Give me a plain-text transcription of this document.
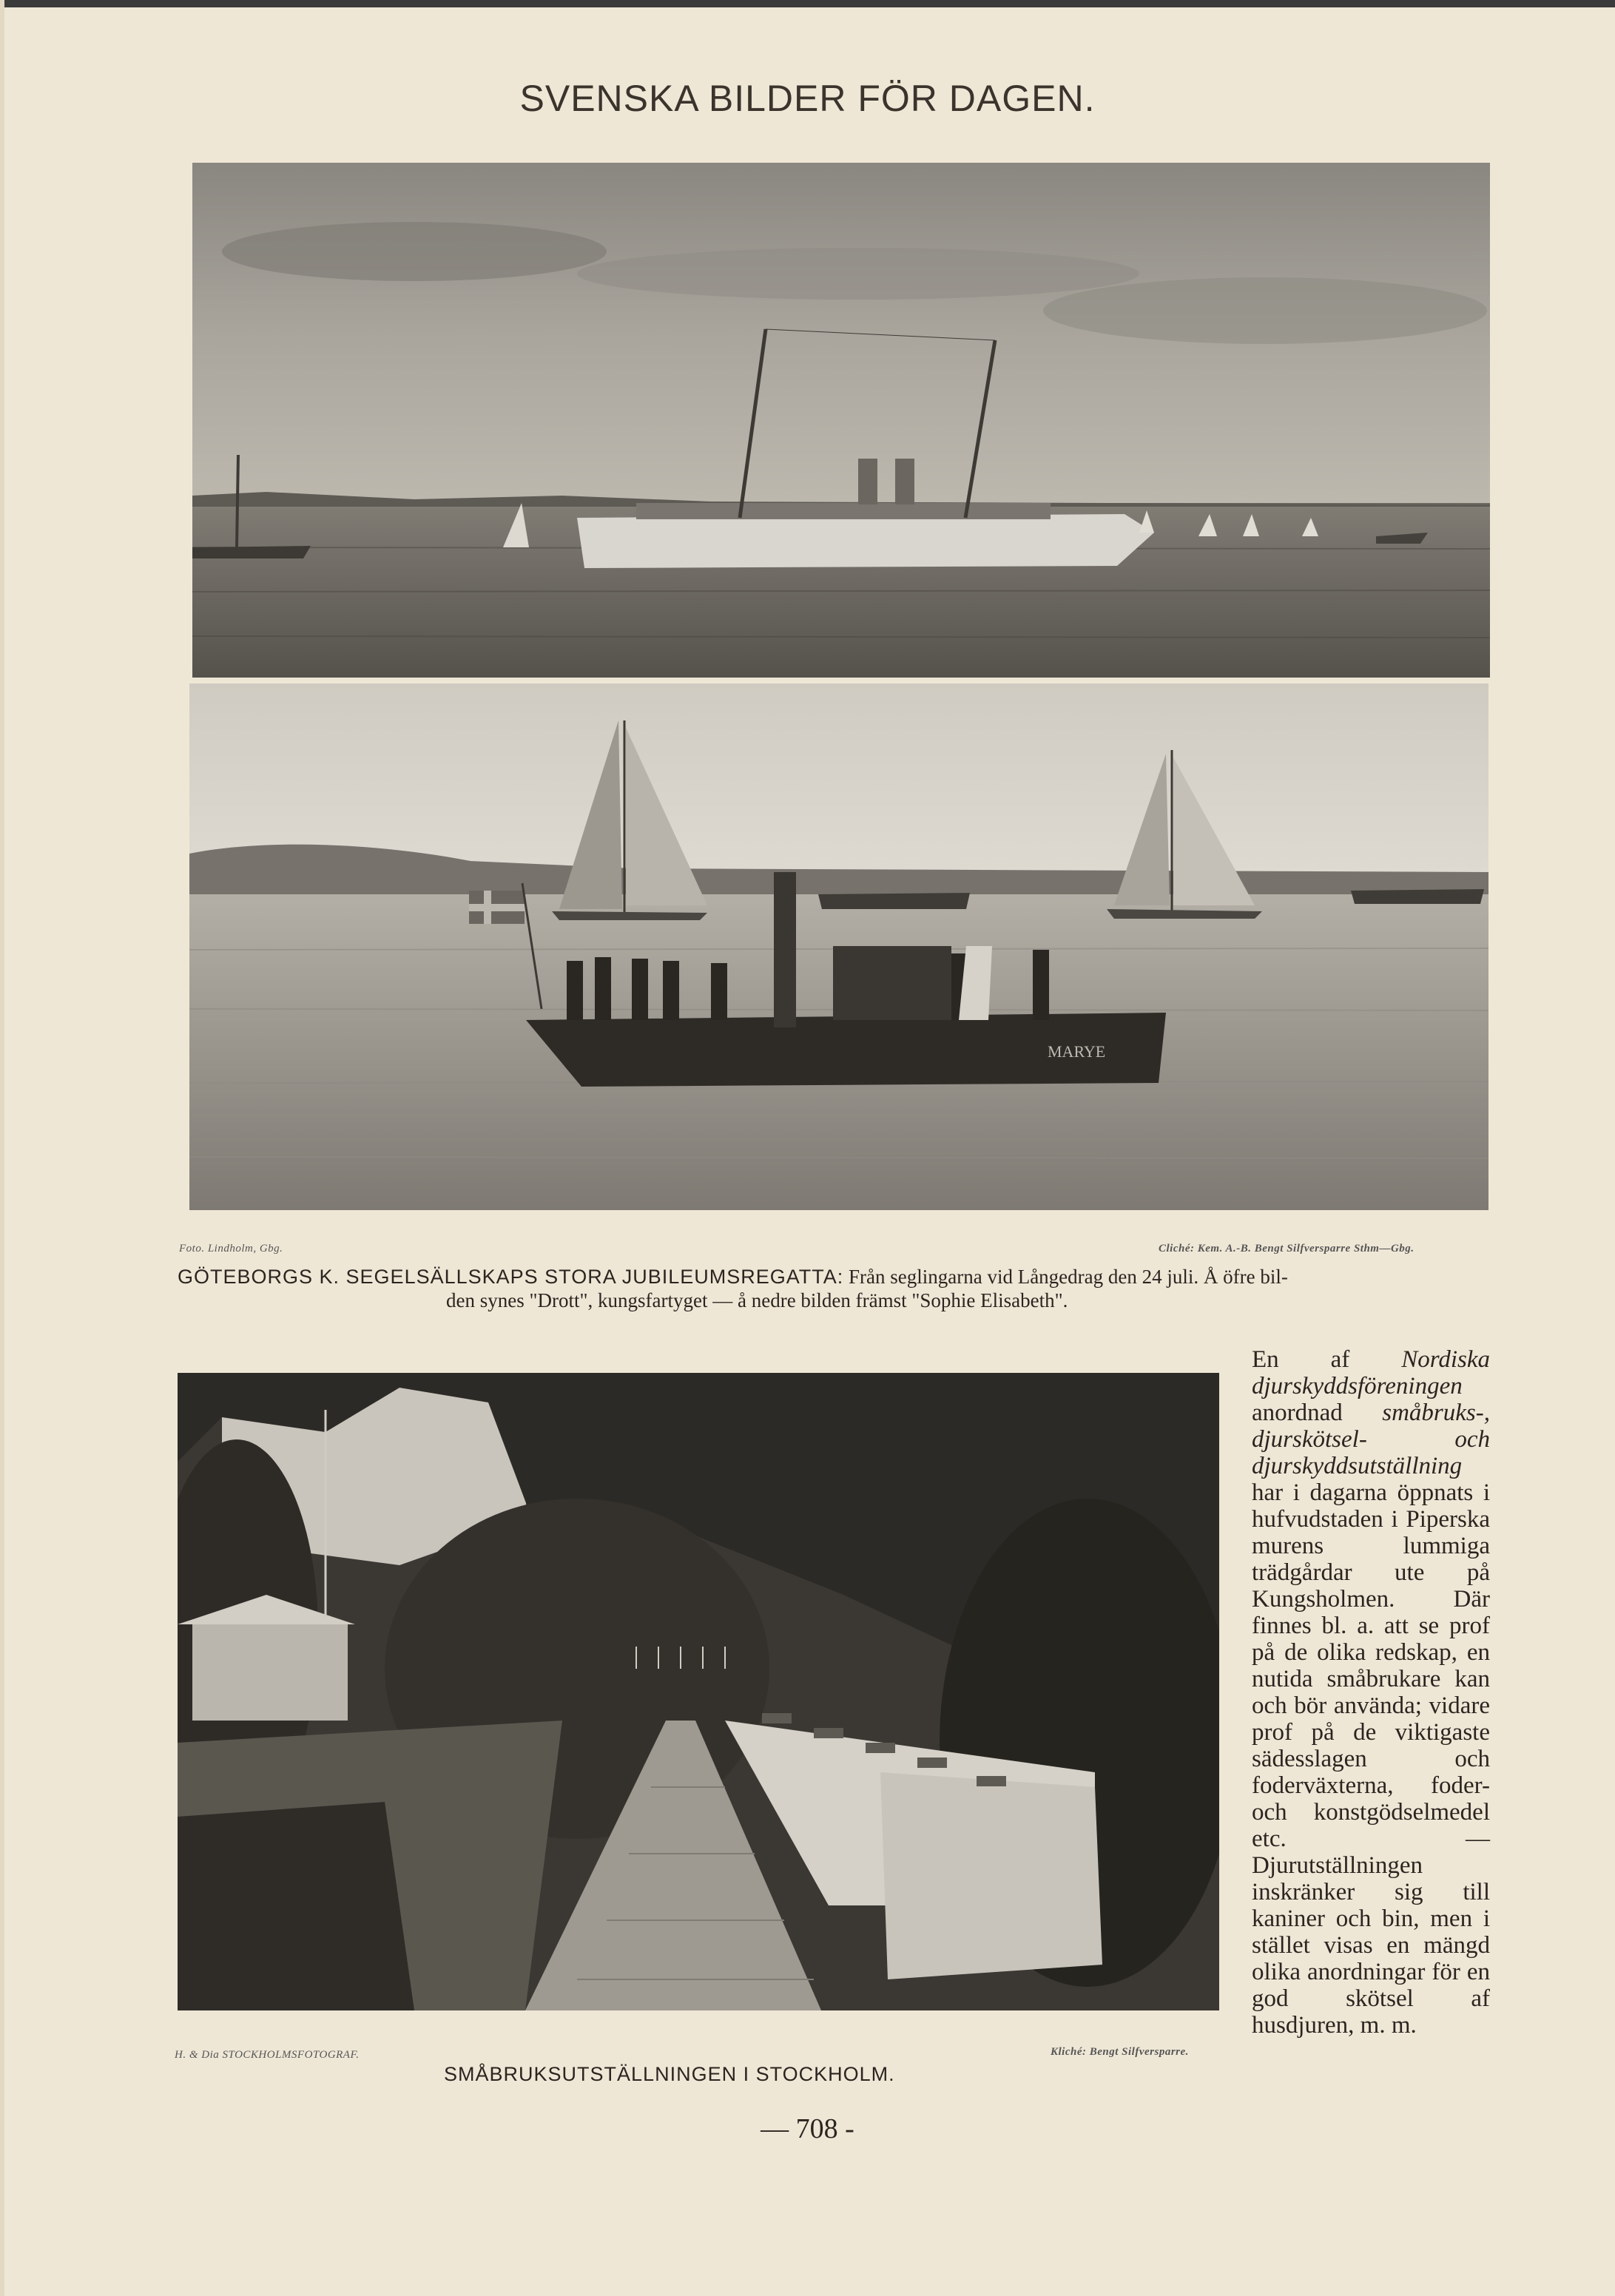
SVENSKA BILDER FÖR DAGEN.
MARYE
Foto. Lindholm, Gbg.	Cliché: Kem. A.-B. Bengt Silfversparre Sthm—Gbg.
GÖTEBORGS K. SEGELSÄLLSKAPS STORA JUBILEUMSREGATTA: Från seglingarna vid Långedrag den 24 juli. Å öfre bil-
den synes "Drott", kungsfartyget — å nedre bilden främst "Sophie Elisabeth".
H. & Dia STOCKHOLMSFOTOGRAF.	Kliché: Bengt Silfversparre.
SMÅBRUKSUTSTÄLLNINGEN I STOCKHOLM.

En af Nordiska djurskyddsföreningen anordnad småbruks-, djurskötsel- och djurskyddsutställning har i dagarna öppnats i hufvudstaden i Piperska murens lummiga trädgårdar ute på Kungsholmen. Där finnes bl. a. att se prof på de olika redskap, en nutida småbrukare kan och bör användа; vidare prof på de viktigaste sädesslagen och foderväxterna, foder- och konstgödselmedel etc. — Djurutställningen inskränker sig till kaniner och bin, men i stället visas en mängd olika anordningar för en god skötsel af husdjuren, m. m.

— 708 -
